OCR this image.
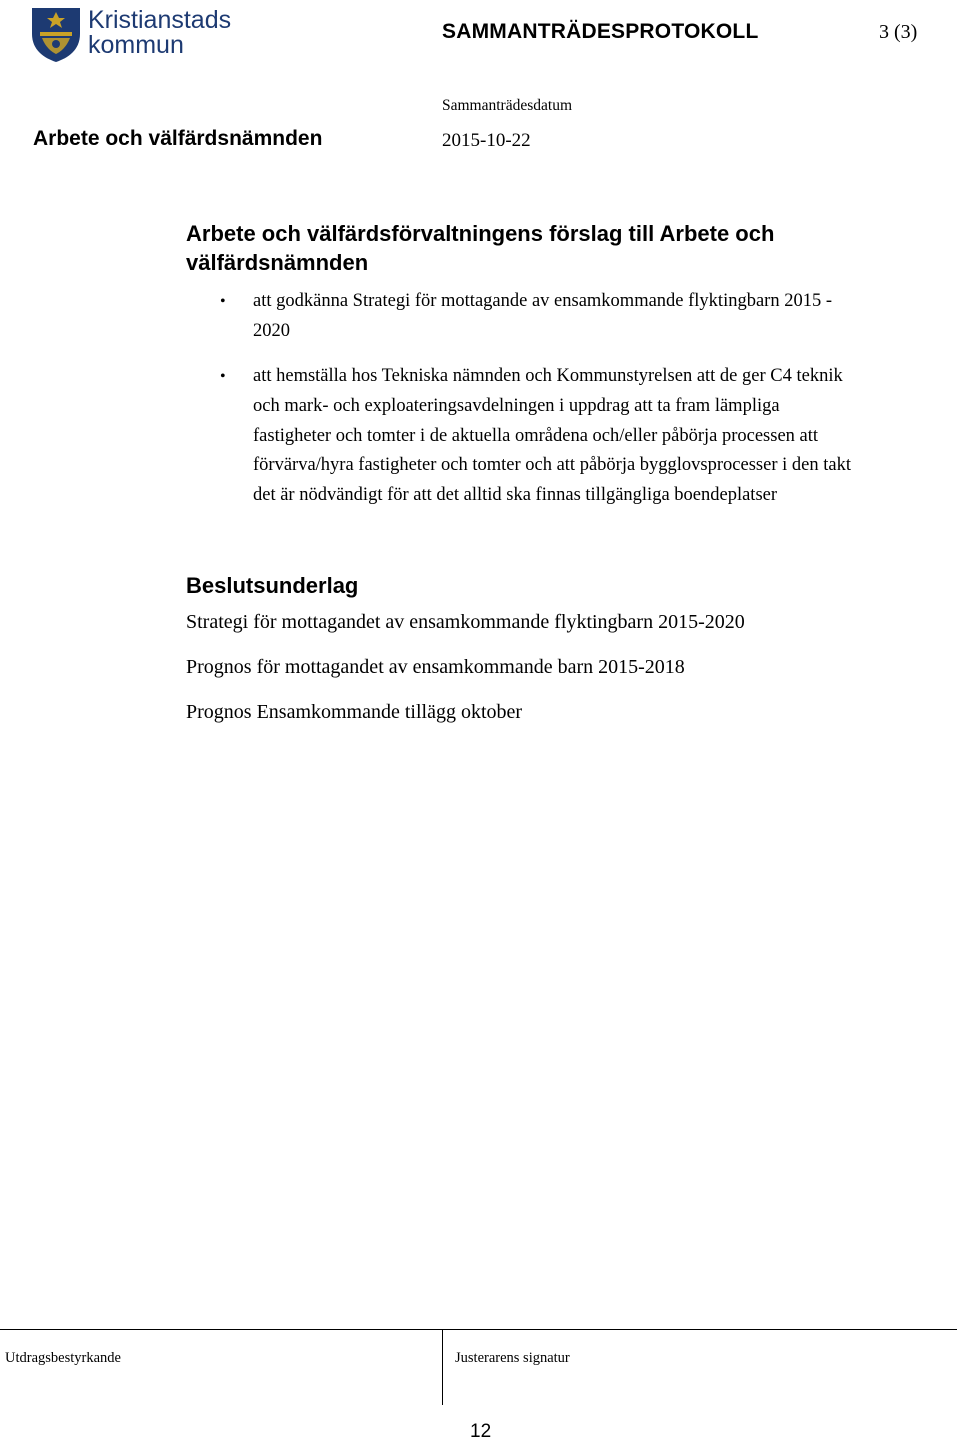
Kristianstads
kommun	SAMMANTRÄDESPROTOKOLL	3 (3)
Sammanträdesdatum
Arbete och välfärdsnämnden	2015-10-22
Arbete och välfärdsförvaltningens förslag till Arbete och välfärdsnämnden
• att godkänna Strategi för mottagande av ensamkommande flyktingbarn 2015 - 2020
• att hemställa hos Tekniska nämnden och Kommunstyrelsen att de ger C4 teknik och mark- och exploateringsavdelningen i uppdrag att ta fram lämpliga fastigheter och tomter i de aktuella områdena och/eller påbörja processen att förvärva/hyra fastigheter och tomter och att påbörja bygglovsprocesser i den takt det är nödvändigt för att det alltid ska finnas tillgängliga boendeplatser
Beslutsunderlag
Strategi för mottagandet av ensamkommande flyktingbarn 2015-2020
Prognos för mottagandet av ensamkommande barn 2015-2018
Prognos Ensamkommande tillägg oktober
Utdragsbestyrkande	Justerarens signatur
12
